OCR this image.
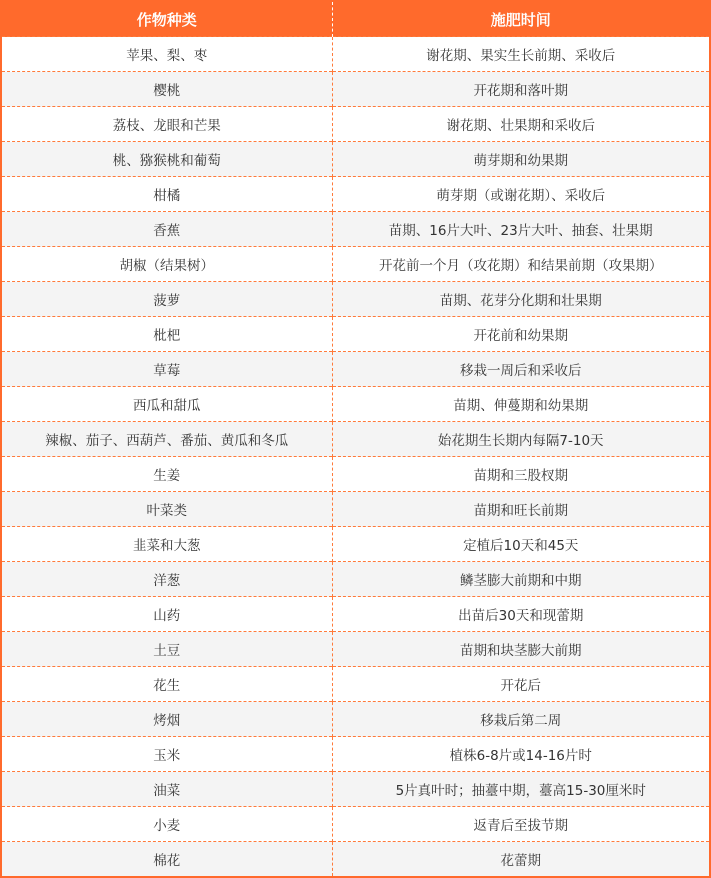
作物种类	施肥时间
苹果、梨、枣	谢花期、果实生长前期、采收后
樱桃	开花期和落叶期
荔枝、龙眼和芒果	谢花期、壮果期和采收后
桃、猕猴桃和葡萄	萌芽期和幼果期
柑橘	萌芽期（或谢花期）、采收后
香蕉	苗期、16片大叶、23片大叶、抽套、壮果期
胡椒（结果树）	开花前一个月（攻花期）和结果前期（攻果期）
菠萝	苗期、花芽分化期和壮果期
枇杷	开花前和幼果期
草莓	移栽一周后和采收后
西瓜和甜瓜	苗期、伸蔓期和幼果期
辣椒、茄子、西葫芦、番茄、黄瓜和冬瓜	始花期生长期内每隔7-10天
生姜	苗期和三股杈期
叶菜类	苗期和旺长前期
韭菜和大葱	定植后10天和45天
洋葱	鳞茎膨大前期和中期
山药	出苗后30天和现蕾期
土豆	苗期和块茎膨大前期
花生	开花后
烤烟	移栽后第二周
玉米	植株6-8片或14-16片时
油菜	5片真叶时；抽薹中期，薹高15-30厘米时
小麦	返青后至拔节期
棉花	花蕾期
